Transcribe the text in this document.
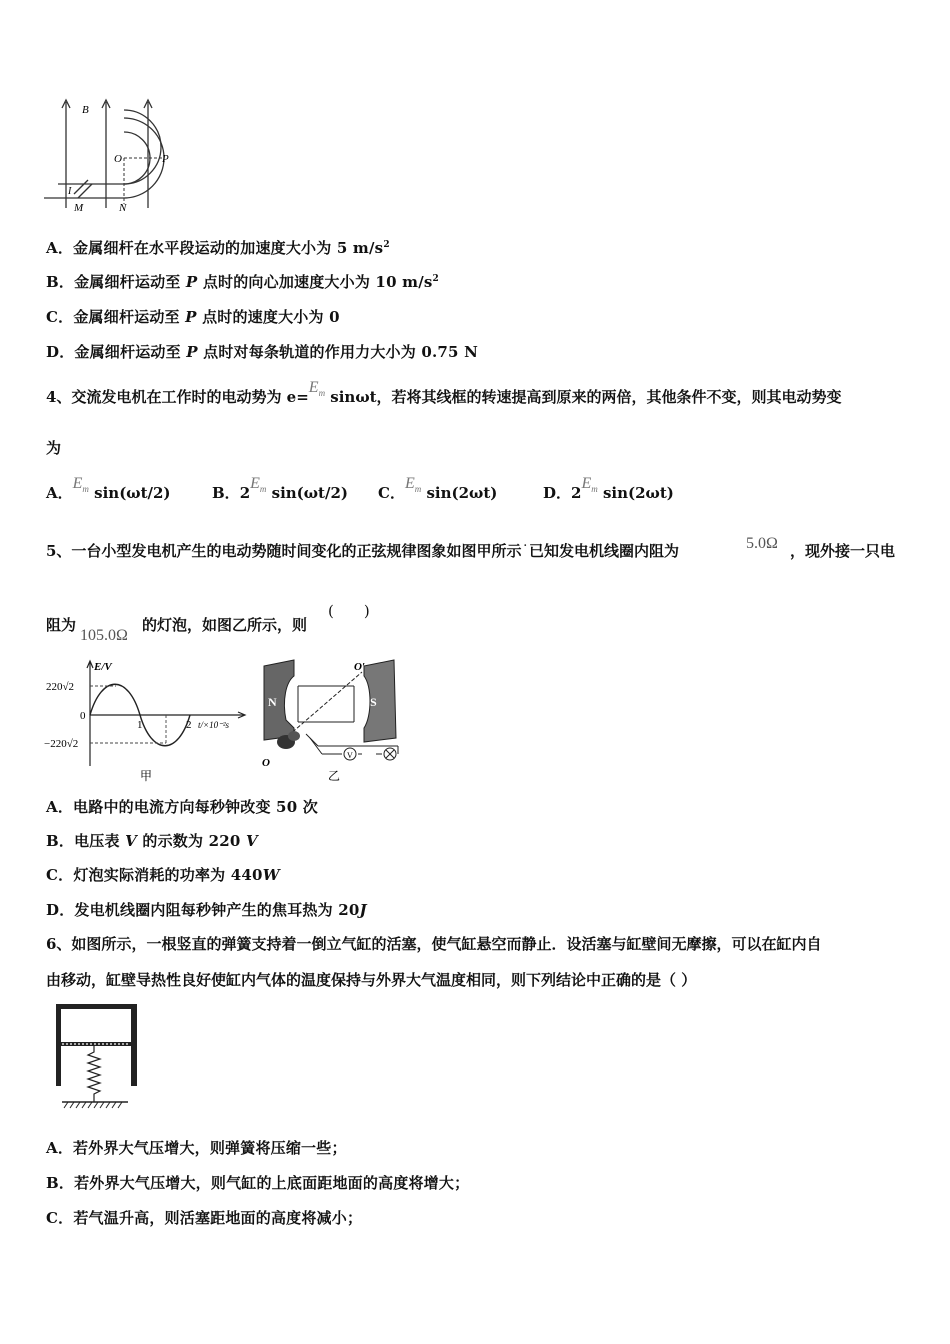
B
O	P
I
M	N
A．金属细杆在水平段运动的加速度大小为 5 $m/s^2$
B．金属细杆运动至 P 点时的向心加速度大小为 10 $m/s^2$
C．金属细杆运动至 P 点时的速度大小为 0
D．金属细杆运动至 P 点时对每条轨道的作用力大小为 0.75 N
4、交流发电机在工作时的电动势为 $e=E_m$ sinωt，若将其线框的转速提高到原来的两倍，其他条件不变，则其电动势变
为
A．$E_m$ sin(ωt/2)	B．$2E_m$ sin(ωt/2) C．$E_m$ sin(2ωt)	D．$2E_m$ sin(2ωt)
5、一台小型发电机产生的电动势随时间变化的正弦规律图象如图甲所示˙已知发电机线圈内阻为	5.0Ω ，现外接一只电
阻为
105.0Ω
的灯泡，如图乙所示，则
(　　)
E/V
220√2
0
−220√2
1	2 t/×10⁻²s
甲
N	S
O′
O
V
乙
A．电路中的电流方向每秒钟改变 50 次
B．电压表 V 的示数为 220 V
C．灯泡实际消耗的功率为 440W
D．发电机线圈内阻每秒钟产生的焦耳热为 20J
6、如图所示，一根竖直的弹簧支持着一倒立气缸的活塞，使气缸悬空而静止．设活塞与缸壁间无摩擦，可以在缸内自
由移动，缸壁导热性良好使缸内气体的温度保持与外界大气温度相同，则下列结论中正确的是（ ）
A．若外界大气压增大，则弹簧将压缩一些；
B．若外界大气压增大，则气缸的上底面距地面的高度将增大；
C．若气温升高，则活塞距地面的高度将减小；
